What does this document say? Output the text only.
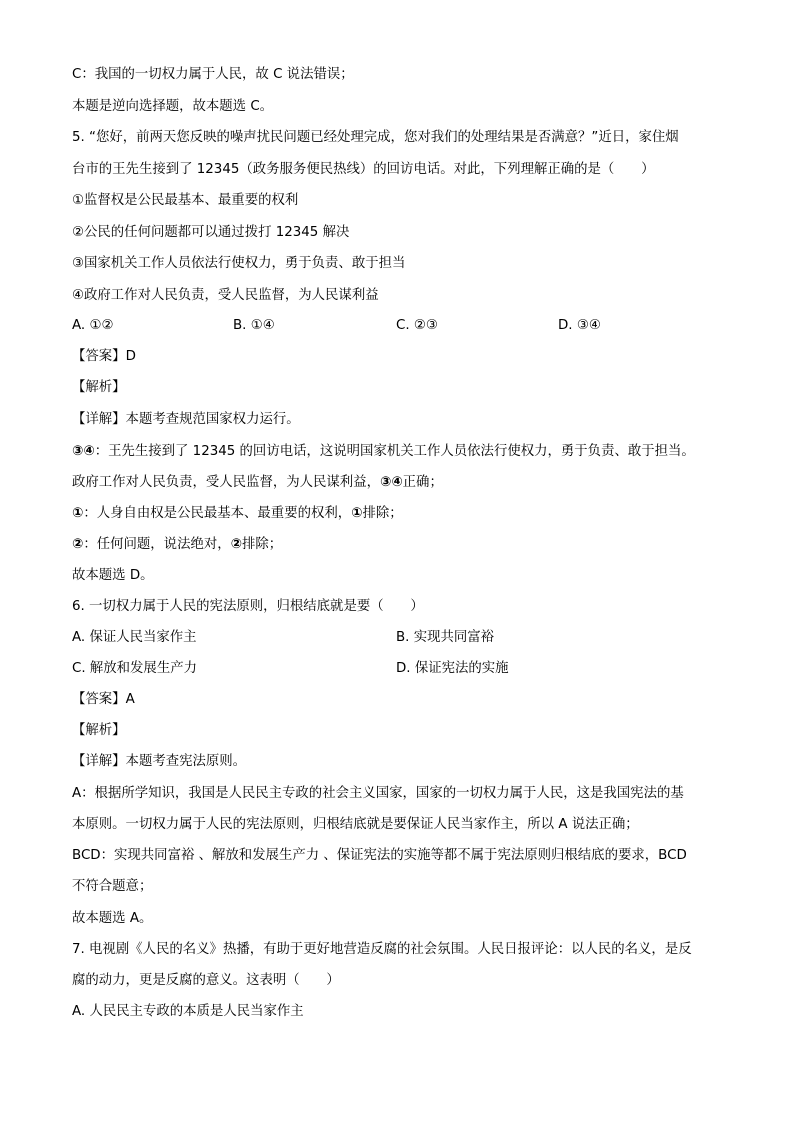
C：我国的一切权力属于人民，故 C 说法错误；
本题是逆向选择题，故本题选 C。
5. “您好，前两天您反映的噪声扰民问题已经处理完成，您对我们的处理结果是否满意？”近日，家住烟
台市的王先生接到了 12345（政务服务便民热线）的回访电话。对此，下列理解正确的是（　　）
①监督权是公民最基本、最重要的权利
②公民的任何问题都可以通过拨打 12345 解决
③国家机关工作人员依法行使权力，勇于负责、敢于担当
④政府工作对人民负责，受人民监督，为人民谋利益
A. ①②	B. ①④	C. ②③	D. ③④
【答案】D
【解析】
【详解】本题考查规范国家权力运行。
③④：王先生接到了 12345 的回访电话，这说明国家机关工作人员依法行使权力，勇于负责、敢于担当。
政府工作对人民负责，受人民监督，为人民谋利益，③④正确；
①：人身自由权是公民最基本、最重要的权利，①排除；
②：任何问题，说法绝对，②排除；
故本题选 D。
6. 一切权力属于人民的宪法原则，归根结底就是要（　　）
A. 保证人民当家作主	B. 实现共同富裕
C. 解放和发展生产力	D. 保证宪法的实施
【答案】A
【解析】
【详解】本题考查宪法原则。
A：根据所学知识，我国是人民民主专政的社会主义国家，国家的一切权力属于人民，这是我国宪法的基
本原则。一切权力属于人民的宪法原则，归根结底就是要保证人民当家作主，所以 A 说法正确；
BCD：实现共同富裕 、解放和发展生产力 、保证宪法的实施等都不属于宪法原则归根结底的要求，BCD
不符合题意；
故本题选 A。
7. 电视剧《人民的名义》热播，有助于更好地营造反腐的社会氛围。人民日报评论：以人民的名义，是反
腐的动力，更是反腐的意义。这表明（　　）
A. 人民民主专政的本质是人民当家作主
